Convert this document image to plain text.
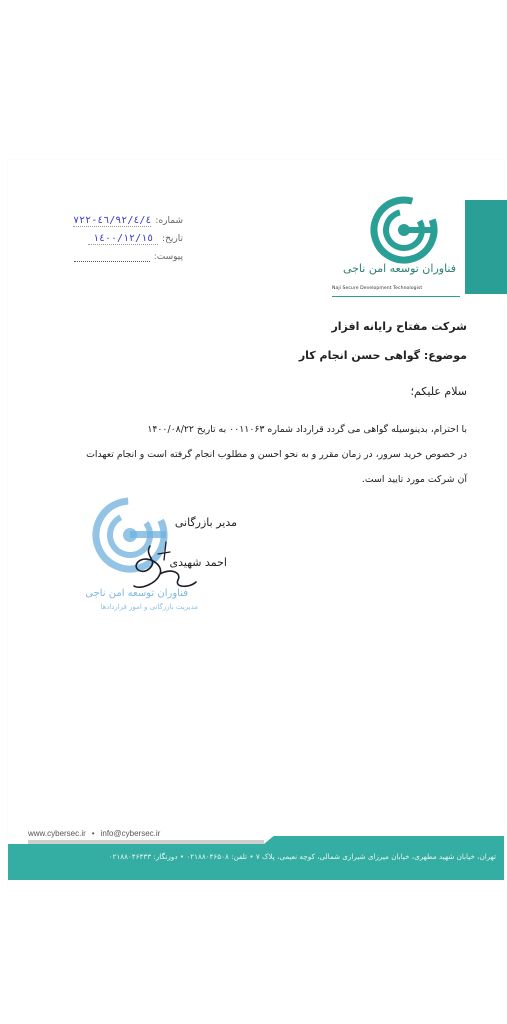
فناوران توسعه امن ناجی
Naji Secure Development Technologist
شماره:
٤٦/٩٢/٤/٤-٧٢٢
تاریخ:
١٤٠٠/١٢/١٥
پیوست:
شرکت مفتاح رایانه افزار
موضوع: گواهی حسن انجام کار
سلام علیکم؛
با احترام، بدینوسیله گواهی می گردد قرارداد شماره ۰۰۱۱۰۶۳ به تاریخ ۱۴۰۰/۰۸/۲۲
در خصوص خرید سرور، در زمان مقرر و به نحو احسن و مطلوب انجام گرفته است و انجام تعهدات
آن شرکت مورد تایید است.
فناوران توسعه امن ناجی
مدیریت بازرگانی و امور قراردادها
مدیر بازرگانی
احمد شهیدی
www.cybersec.ir • info@cybersec.ir
تهران، خیابان شهید مطهری، خیابان میرزای شیرازی شمالی، کوچه نعیمی، پلاک ۷ • تلفن: ۰۲۱۸۸۰۴۶۵۰۸ • دورنگار: ۰۲۱۸۸۰۴۶۴۳۳
